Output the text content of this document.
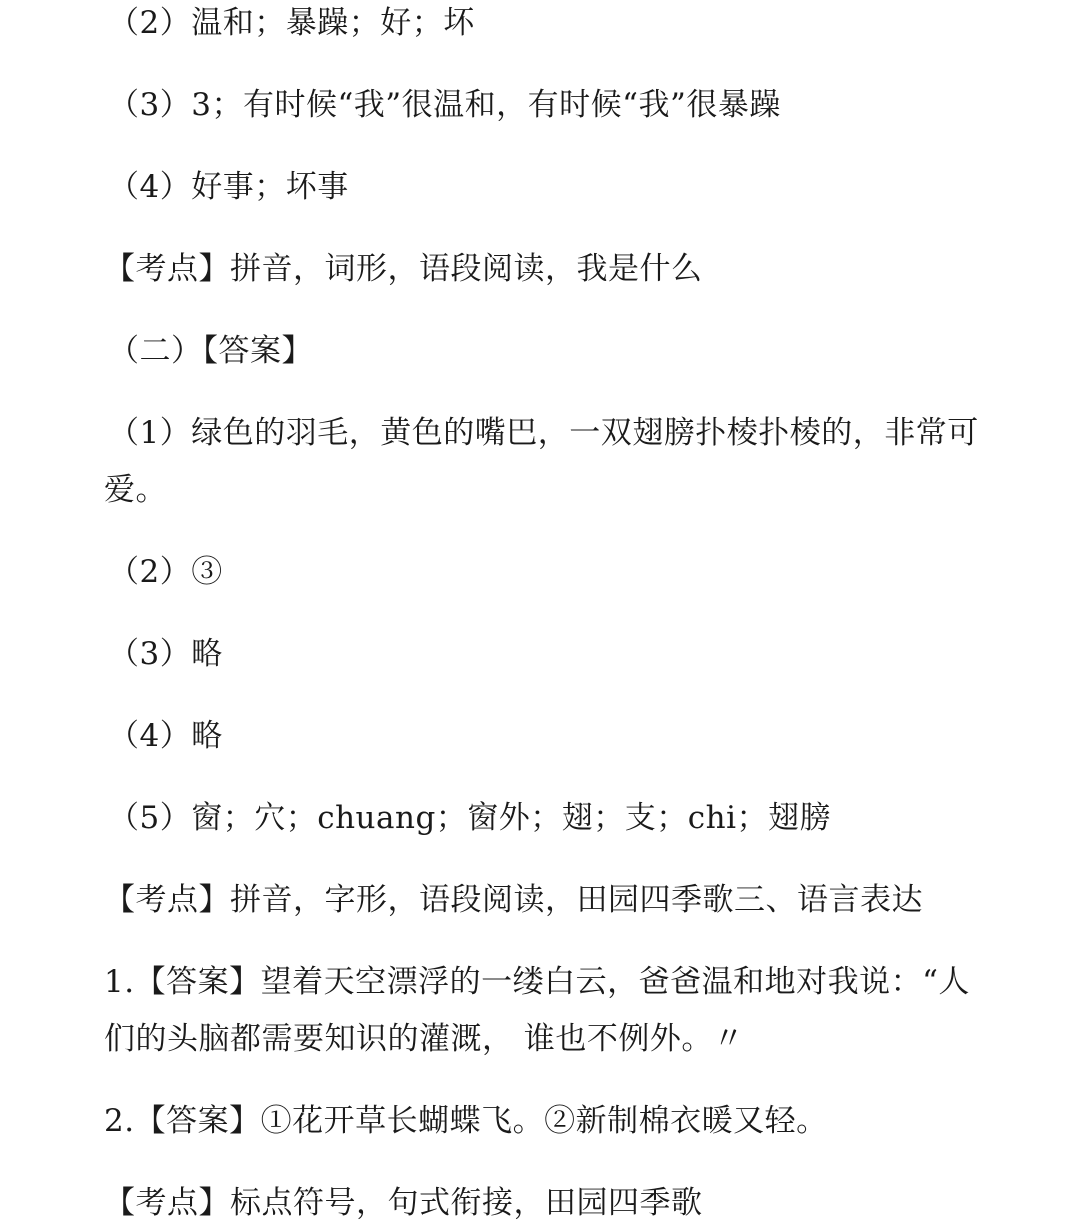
（2）温和；暴躁；好；坏
（3）3；有时候“我”很温和，有时候“我”很暴躁
（4）好事；坏事
【考点】拼音，词形，语段阅读，我是什么
（二）【答案】
（1）绿色的羽毛，黄色的嘴巴，一双翅膀扑棱扑棱的，非常可
爱。
（2）③
（3）略
（4）略
（5）窗；穴；chuang；窗外；翅；支；chi；翅膀
【考点】拼音，字形，语段阅读，田园四季歌三、语言表达
1.【答案】望着天空漂浮的一缕白云，爸爸温和地对我说：“人
们的头脑都需要知识的灌溉， 谁也不例外。〃
2.【答案】①花开草长蝴蝶飞。②新制棉衣暖又轻。
【考点】标点符号，句式衔接，田园四季歌
